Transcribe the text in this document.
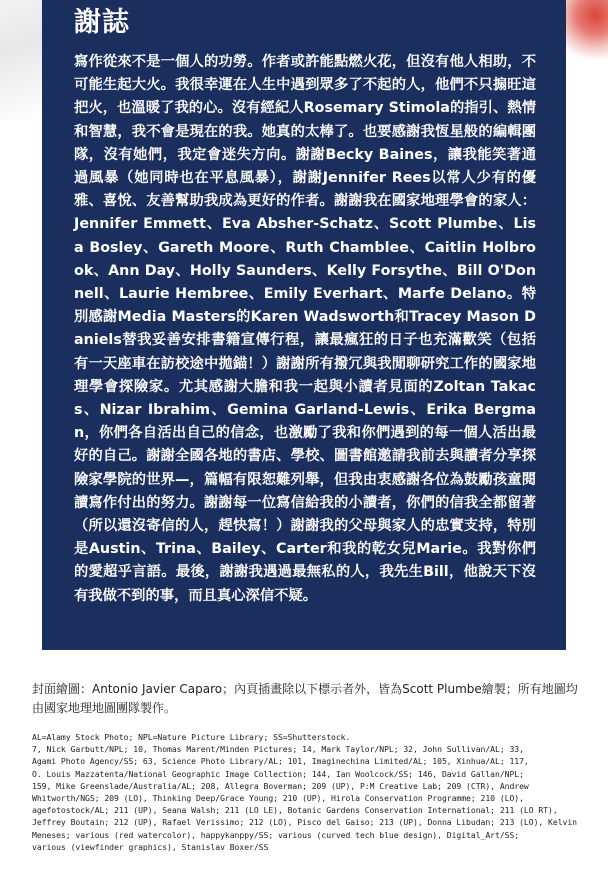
謝誌

寫作從來不是一個人的功勞。作者或許能點燃火花，但沒有他人相助，不可能生起大火。我很幸運在人生中遇到眾多了不起的人，他們不只搧旺這把火，也溫暖了我的心。沒有經紀人Rosemary Stimola的指引、熱情和智慧，我不會是現在的我。她真的太棒了。也要感謝我恆星般的編輯團隊，沒有她們，我定會迷失方向。謝謝Becky Baines，讓我能笑著通過風暴（她同時也在平息風暴），謝謝Jennifer Rees以常人少有的優雅、喜悅、友善幫助我成為更好的作者。謝謝我在國家地理學會的家人：Jennifer Emmett、Eva Absher-Schatz、Scott Plumbe、Lisa Bosley、Gareth Moore、Ruth Chamblee、Caitlin Holbrook、Ann Day、Holly Saunders、Kelly Forsythe、Bill O'Donnell、Laurie Hembree、Emily Everhart、Marfe Delano。特別感謝Media Masters的Karen Wadsworth和Tracey Mason Daniels替我妥善安排書籍宣傳行程，讓最瘋狂的日子也充滿歡笑（包括有一天座車在訪校途中拋錨！）謝謝所有撥冗與我閒聊研究工作的國家地理學會探險家。尤其感謝大膽和我一起與小讀者見面的Zoltan Takacs、Nizar Ibrahim、Gemina Garland-Lewis、Erika Bergman，你們各自活出自己的信念，也激勵了我和你們遇到的每一個人活出最好的自己。謝謝全國各地的書店、學校、圖書館邀請我前去與讀者分享探險家學院的世界—，篇幅有限恕難列舉，但我由衷感謝各位為鼓勵孩童閱讀寫作付出的努力。謝謝每一位寫信給我的小讀者，你們的信我全都留著（所以還沒寄信的人，趕快寫！）謝謝我的父母與家人的忠實支持，特別是Austin、Trina、Bailey、Carter和我的乾女兒Marie。我對你們的愛超乎言語。最後，謝謝我遇過最無私的人，我先生Bill，他說天下沒有我做不到的事，而且真心深信不疑。

封面繪圖：Antonio Javier Caparo；內頁插畫除以下標示者外，皆為Scott Plumbe繪製；所有地圖均由國家地理地圖團隊製作。

AL=Alamy Stock Photo; NPL=Nature Picture Library; SS=Shutterstock.
7, Nick Garbutt/NPL; 10, Thomas Marent/Minden Pictures; 14, Mark Taylor/NPL; 32, John Sullivan/AL; 33,
Agami Photo Agency/SS; 63, Science Photo Library/AL; 101, Imaginechina Limited/AL; 105, Xinhua/AL; 117,
O. Louis Mazzatenta/National Geographic Image Collection; 144, Ian Woolcock/SS; 146, David Gallan/NPL;
159, Mike Greenslade/Australia/AL; 208, Allegra Boverman; 209 (UP), P:M Creative Lab; 209 (CTR), Andrew
Whitworth/NGS; 209 (LO), Thinking Deep/Grace Young; 210 (UP), Hirola Conservation Programme; 210 (LO),
agefotostock/AL; 211 (UP), Seana Walsh; 211 (LO LE), Botanic Gardens Conservation International; 211 (LO RT),
Jeffrey Boutain; 212 (UP), Rafael Verissimo; 212 (LO), Pisco del Gaiso; 213 (UP), Donna Libudan; 213 (LO), Kelvin
Meneses; various (red watercolor), happykanppy/SS; various (curved tech blue design), Digital_Art/SS;
various (viewfinder graphics), Stanislav Boxer/SS
